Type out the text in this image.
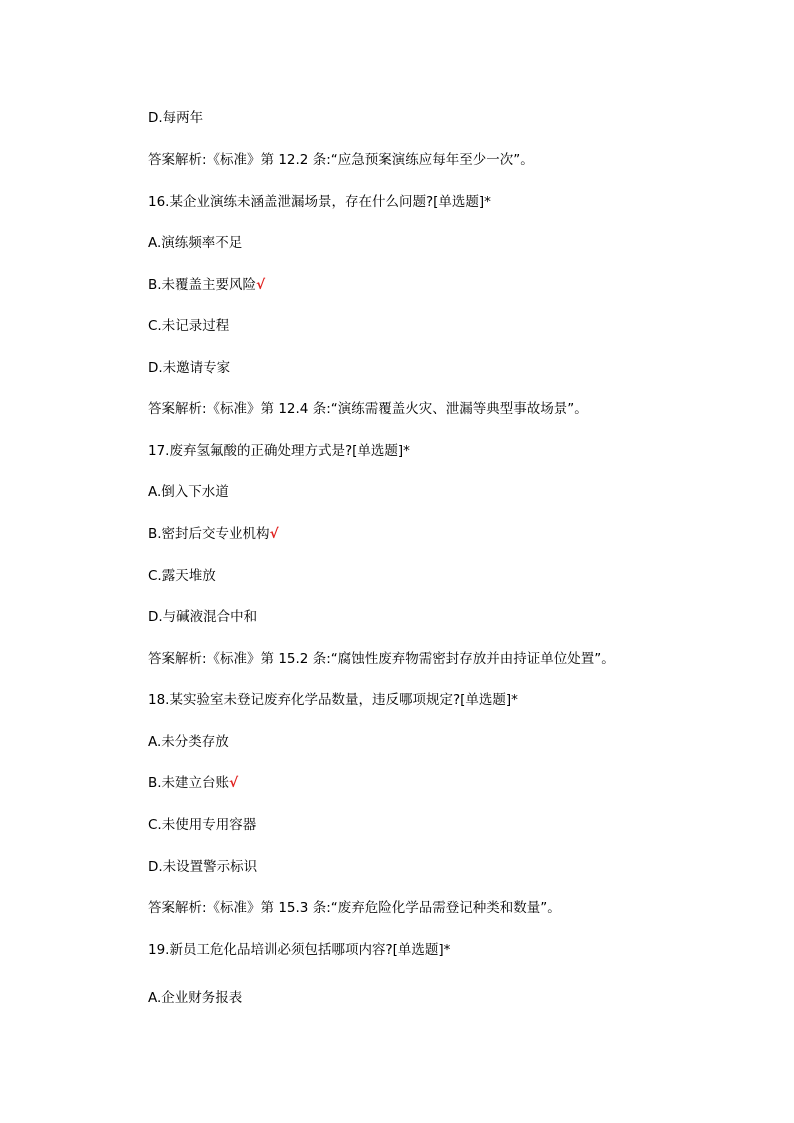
D.每两年
答案解析:《标准》第 12.2 条:“应急预案演练应每年至少一次”。
16.某企业演练未涵盖泄漏场景，存在什么问题?[单选题]*
A.演练频率不足
B.未覆盖主要风险√
C.未记录过程
D.未邀请专家
答案解析:《标准》第 12.4 条:“演练需覆盖火灾、泄漏等典型事故场景”。
17.废弃氢氟酸的正确处理方式是?[单选题]*
A.倒入下水道
B.密封后交专业机构√
C.露天堆放
D.与碱液混合中和
答案解析:《标准》第 15.2 条:“腐蚀性废弃物需密封存放并由持证单位处置”。
18.某实验室未登记废弃化学品数量，违反哪项规定?[单选题]*
A.未分类存放
B.未建立台账√
C.未使用专用容器
D.未设置警示标识
答案解析:《标准》第 15.3 条:“废弃危险化学品需登记种类和数量”。
19.新员工危化品培训必须包括哪项内容?[单选题]*
A.企业财务报表
